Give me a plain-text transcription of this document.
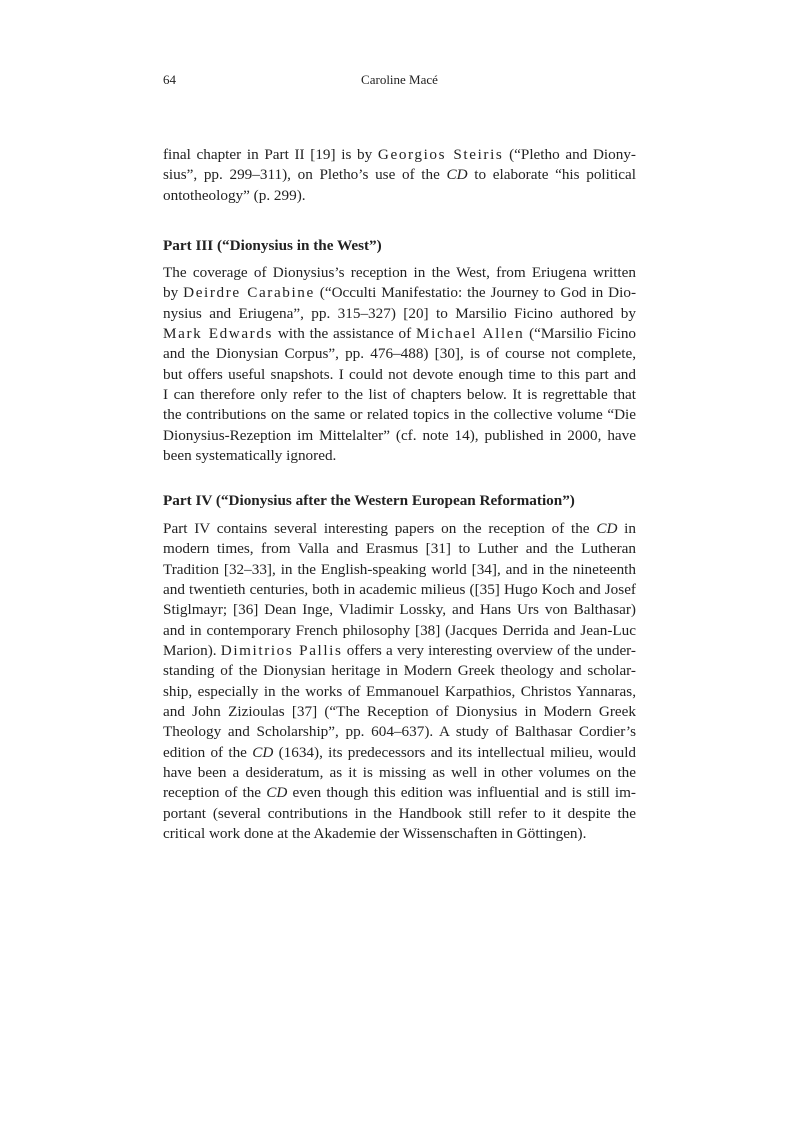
64	Caroline Macé
final chapter in Part II [19] is by Georgios Steiris (“Pletho and Diony-
sius”, pp. 299–311), on Pletho’s use of the CD to elaborate “his political
ontotheology” (p. 299).
Part III (“Dionysius in the West”)
The coverage of Dionysius’s reception in the West, from Eriugena written
by Deirdre Carabine (“Occulti Manifestatio: the Journey to God in Dio-
nysius and Eriugena”, pp. 315–327) [20] to Marsilio Ficino authored by
Mark Edwards with the assistance of Michael Allen (“Marsilio Ficino
and the Dionysian Corpus”, pp. 476–488) [30], is of course not complete,
but offers useful snapshots. I could not devote enough time to this part and
I can therefore only refer to the list of chapters below. It is regrettable that
the contributions on the same or related topics in the collective volume “Die
Dionysius-Rezeption im Mittelalter” (cf. note 14), published in 2000, have
been systematically ignored.
Part IV (“Dionysius after the Western European Reformation”)
Part IV contains several interesting papers on the reception of the CD in
modern times, from Valla and Erasmus [31] to Luther and the Lutheran
Tradition [32–33], in the English-speaking world [34], and in the nineteenth
and twentieth centuries, both in academic milieus ([35] Hugo Koch and Josef
Stiglmayr; [36] Dean Inge, Vladimir Lossky, and Hans Urs von Balthasar)
and in contemporary French philosophy [38] (Jacques Derrida and Jean-Luc
Marion). Dimitrios Pallis offers a very interesting overview of the under-
standing of the Dionysian heritage in Modern Greek theology and scholar-
ship, especially in the works of Emmanouel Karpathios, Christos Yannaras,
and John Zizioulas [37] (“The Reception of Dionysius in Modern Greek
Theology and Scholarship”, pp. 604–637). A study of Balthasar Cordier’s
edition of the CD (1634), its predecessors and its intellectual milieu, would
have been a desideratum, as it is missing as well in other volumes on the
reception of the CD even though this edition was influential and is still im-
portant (several contributions in the Handbook still refer to it despite the
critical work done at the Akademie der Wissenschaften in Göttingen).
